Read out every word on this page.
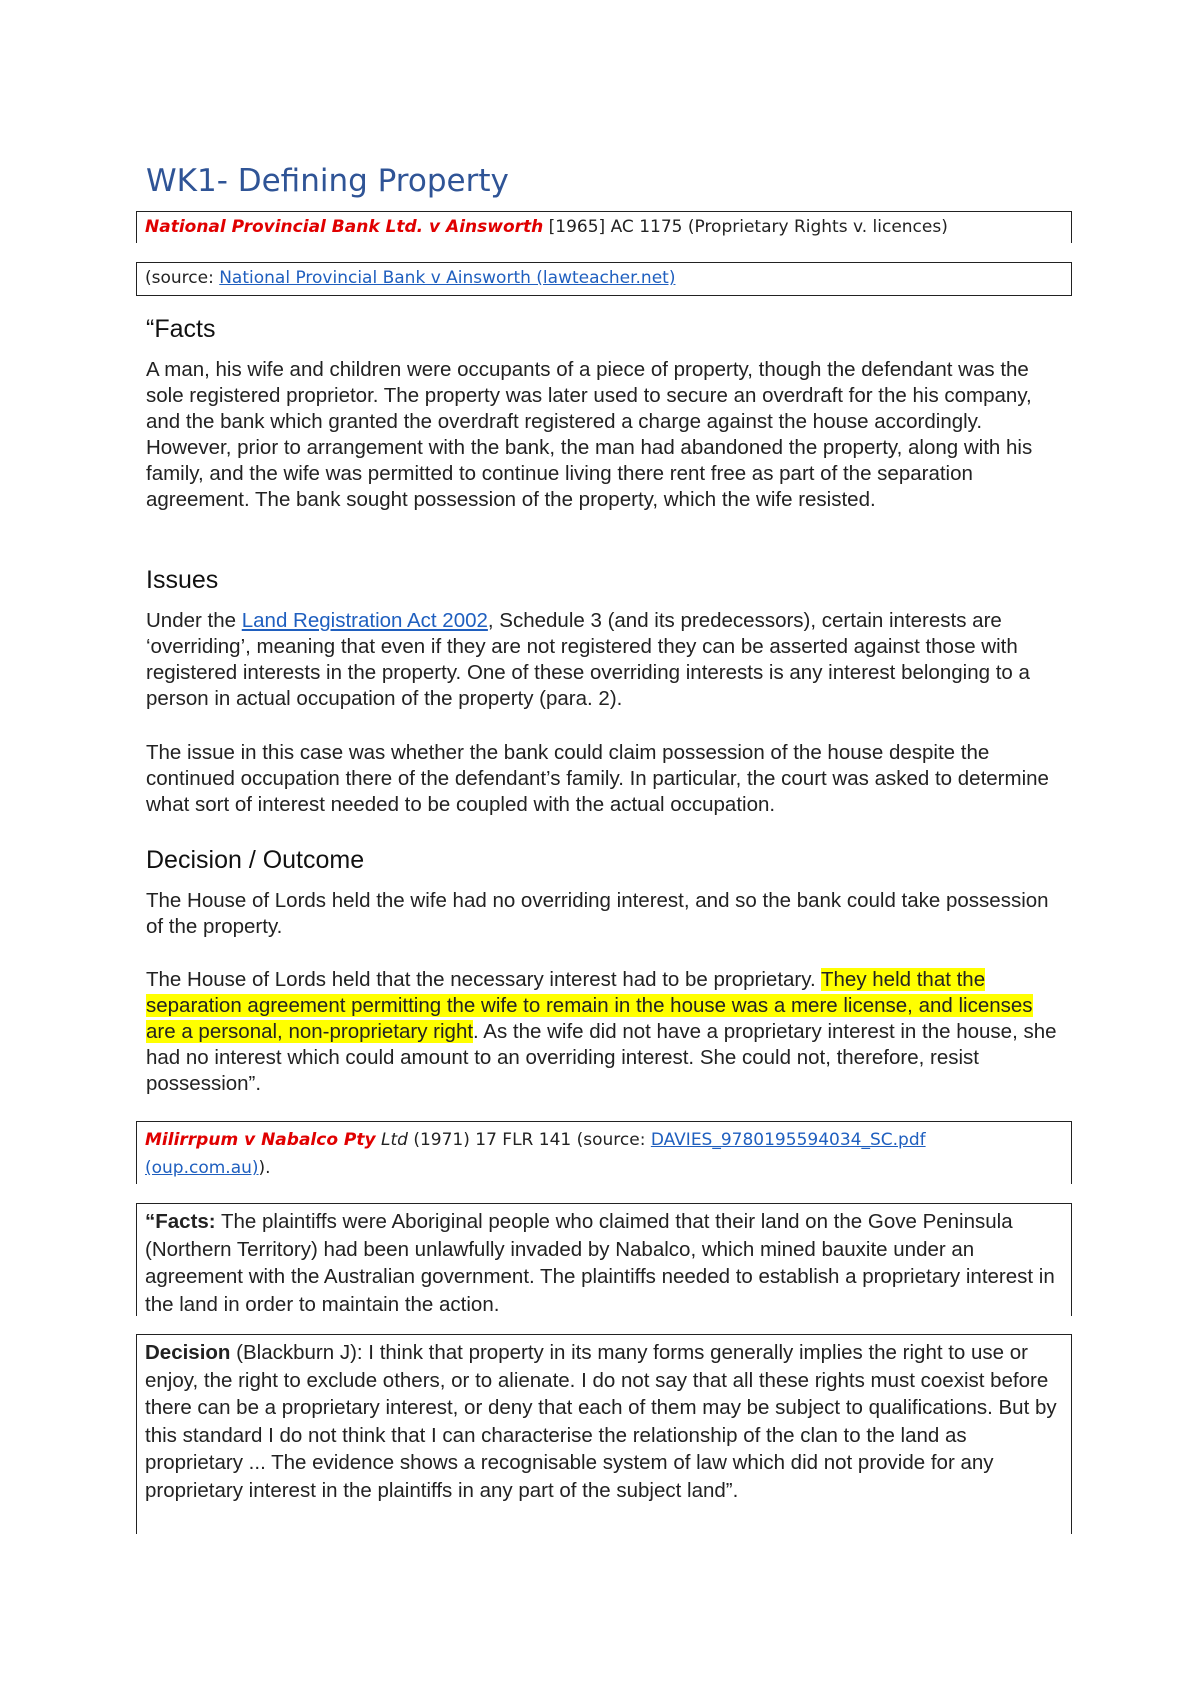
WK1- Defining Property
National Provincial Bank Ltd. v Ainsworth [1965] AC 1175 (Proprietary Rights v. licences)
(source: National Provincial Bank v Ainsworth (lawteacher.net)
“Facts
A man, his wife and children were occupants of a piece of property, though the defendant was the sole registered proprietor. The property was later used to secure an overdraft for the his company, and the bank which granted the overdraft registered a charge against the house accordingly. However, prior to arrangement with the bank, the man had abandoned the property, along with his family, and the wife was permitted to continue living there rent free as part of the separation agreement. The bank sought possession of the property, which the wife resisted.
Issues
Under the Land Registration Act 2002, Schedule 3 (and its predecessors), certain interests are ‘overriding’, meaning that even if they are not registered they can be asserted against those with registered interests in the property. One of these overriding interests is any interest belonging to a person in actual occupation of the property (para. 2).
The issue in this case was whether the bank could claim possession of the house despite the continued occupation there of the defendant’s family. In particular, the court was asked to determine what sort of interest needed to be coupled with the actual occupation.
Decision / Outcome
The House of Lords held the wife had no overriding interest, and so the bank could take possession of the property.
The House of Lords held that the necessary interest had to be proprietary. They held that the separation agreement permitting the wife to remain in the house was a mere license, and licenses are a personal, non-proprietary right. As the wife did not have a proprietary interest in the house, she had no interest which could amount to an overriding interest. She could not, therefore, resist possession”.
Milirrpum v Nabalco Pty Ltd (1971) 17 FLR 141 (source: DAVIES_9780195594034_SC.pdf
(oup.com.au)).
“Facts: The plaintiffs were Aboriginal people who claimed that their land on the Gove Peninsula (Northern Territory) had been unlawfully invaded by Nabalco, which mined bauxite under an agreement with the Australian government. The plaintiffs needed to establish a proprietary interest in the land in order to maintain the action.
Decision (Blackburn J): I think that property in its many forms generally implies the right to use or enjoy, the right to exclude others, or to alienate. I do not say that all these rights must coexist before there can be a proprietary interest, or deny that each of them may be subject to qualifications. But by this standard I do not think that I can characterise the relationship of the clan to the land as proprietary ... The evidence shows a recognisable system of law which did not provide for any proprietary interest in the plaintiffs in any part of the subject land”.
